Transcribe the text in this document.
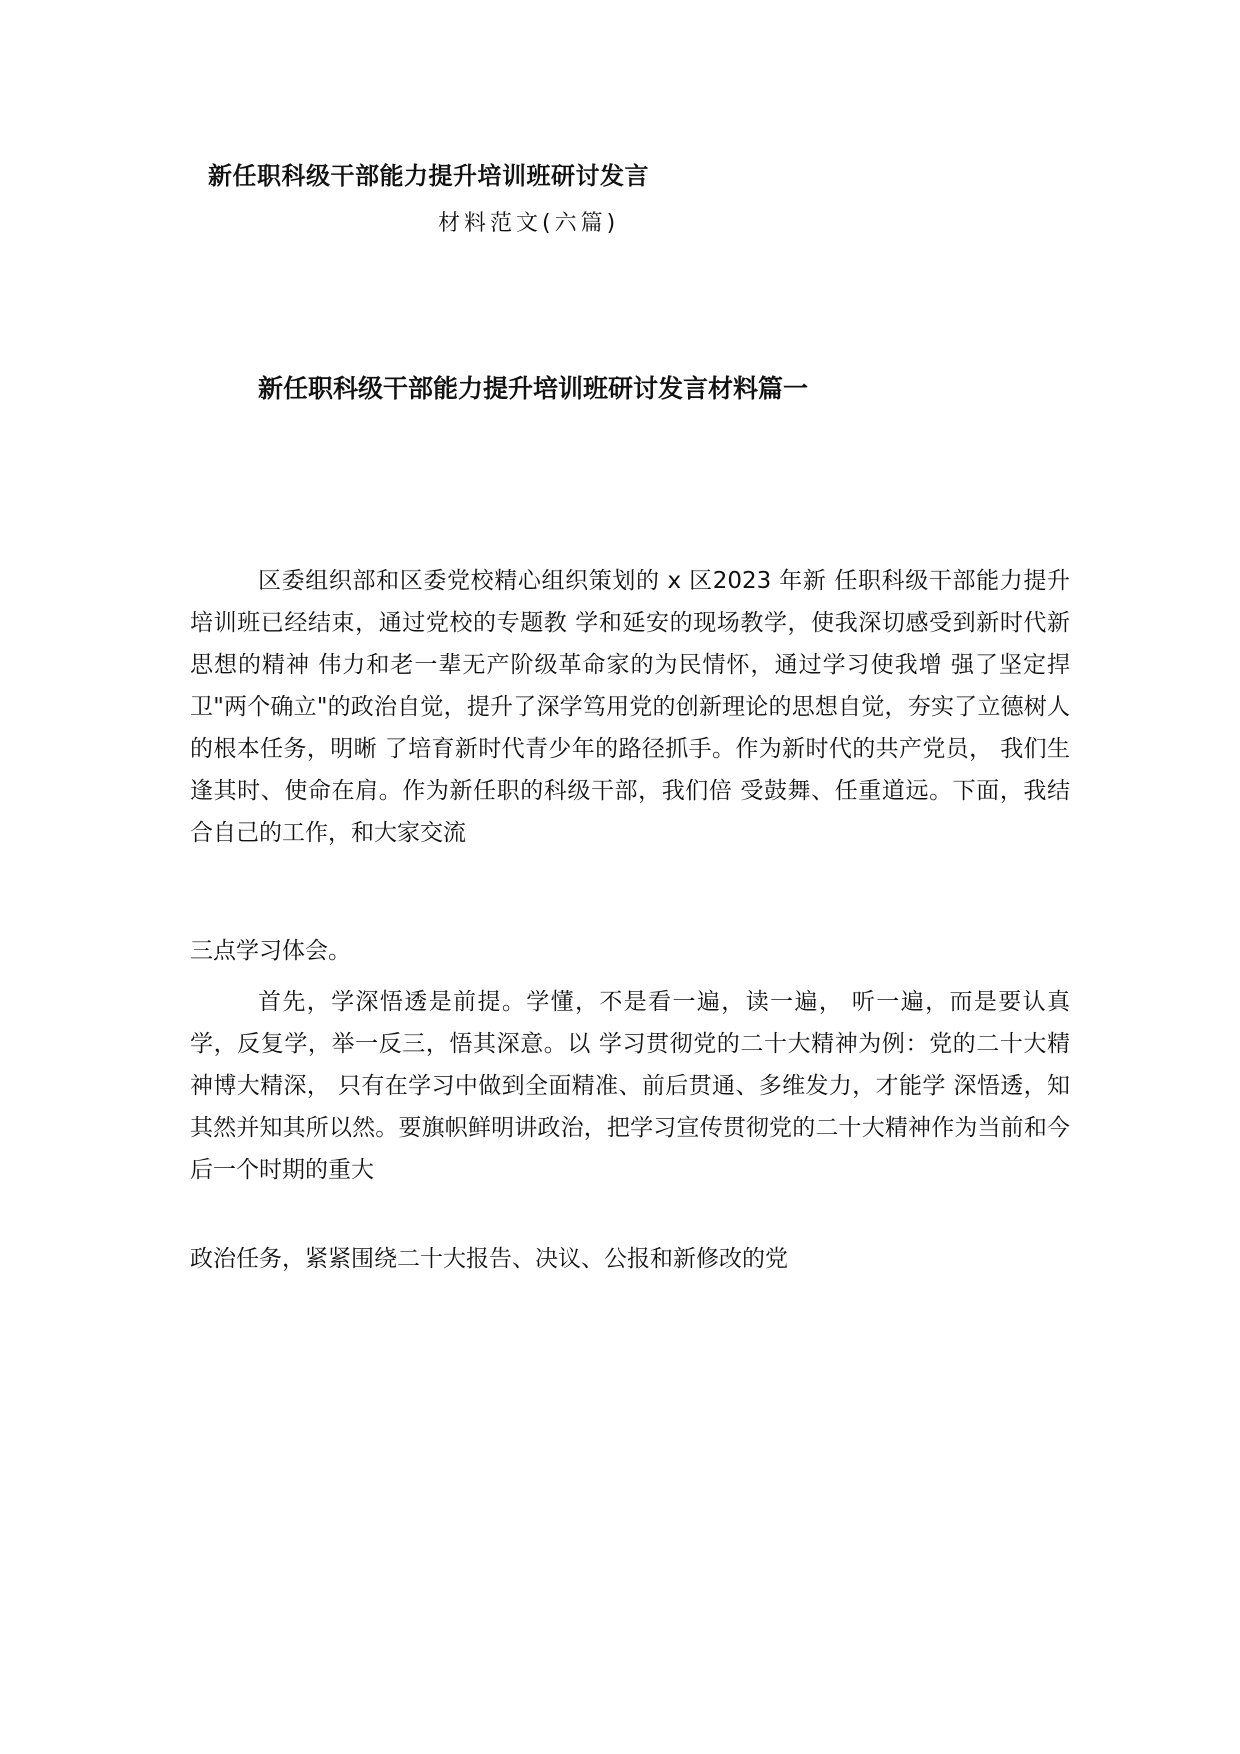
新任职科级干部能力提升培训班研讨发言
材料范文(六篇)
新任职科级干部能力提升培训班研讨发言材料篇一

区委组织部和区委党校精心组织策划的 x 区2023 年新 任职科级干部能力提升培训班已经结束，通过党校的专题教 学和延安的现场教学，使我深切感受到新时代新思想的精神 伟力和老一辈无产阶级革命家的为民情怀，通过学习使我增 强了坚定捍卫"两个确立"的政治自觉，提升了深学笃用党的创新理论的思想自觉，夯实了立德树人的根本任务，明晰 了培育新时代青少年的路径抓手。作为新时代的共产党员， 我们生逢其时、使命在肩。作为新任职的科级干部，我们倍 受鼓舞、任重道远。下面，我结合自己的工作，和大家交流

三点学习体会。

首先，学深悟透是前提。学懂，不是看一遍，读一遍， 听一遍，而是要认真学，反复学，举一反三，悟其深意。以 学习贯彻党的二十大精神为例：党的二十大精神博大精深， 只有在学习中做到全面精准、前后贯通、多维发力，才能学 深悟透，知其然并知其所以然。要旗帜鲜明讲政治，把学习宣传贯彻党的二十大精神作为当前和今后一个时期的重大

政治任务，紧紧围绕二十大报告、决议、公报和新修改的党
